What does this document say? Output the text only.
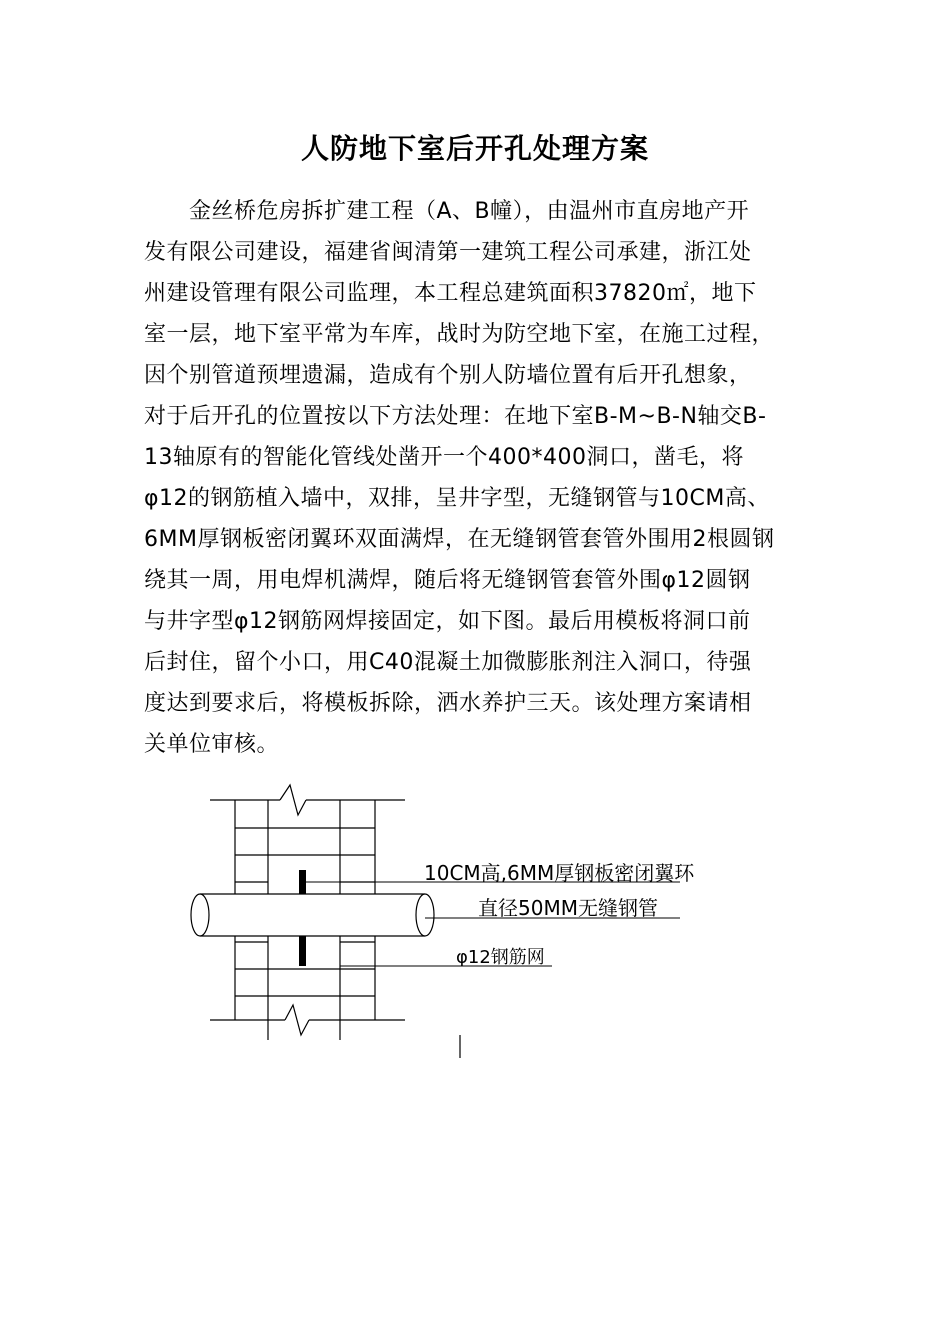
人防地下室后开孔处理方案
　　金丝桥危房拆扩建工程（A、B幢），由温州市直房地产开
发有限公司建设，福建省闽清第一建筑工程公司承建，浙江处
州建设管理有限公司监理，本工程总建筑面积37820㎡，地下
室一层，地下室平常为车库，战时为防空地下室，在施工过程，
因个别管道预埋遗漏，造成有个别人防墙位置有后开孔想象，
对于后开孔的位置按以下方法处理：在地下室B-M~B-N轴交B-
13轴原有的智能化管线处凿开一个400*400洞口，凿毛，将
φ12的钢筋植入墙中，双排，呈井字型，无缝钢管与10CM高、
6MM厚钢板密闭翼环双面满焊，在无缝钢管套管外围用2根圆钢
绕其一周，用电焊机满焊，随后将无缝钢管套管外围φ12圆钢
与井字型φ12钢筋网焊接固定，如下图。最后用模板将洞口前
后封住，留个小口，用C40混凝土加微膨胀剂注入洞口，待强
度达到要求后，将模板拆除，洒水养护三天。该处理方案请相
关单位审核。
10CM高,6MM厚钢板密闭翼环
直径50MM无缝钢管
φ12钢筋网
